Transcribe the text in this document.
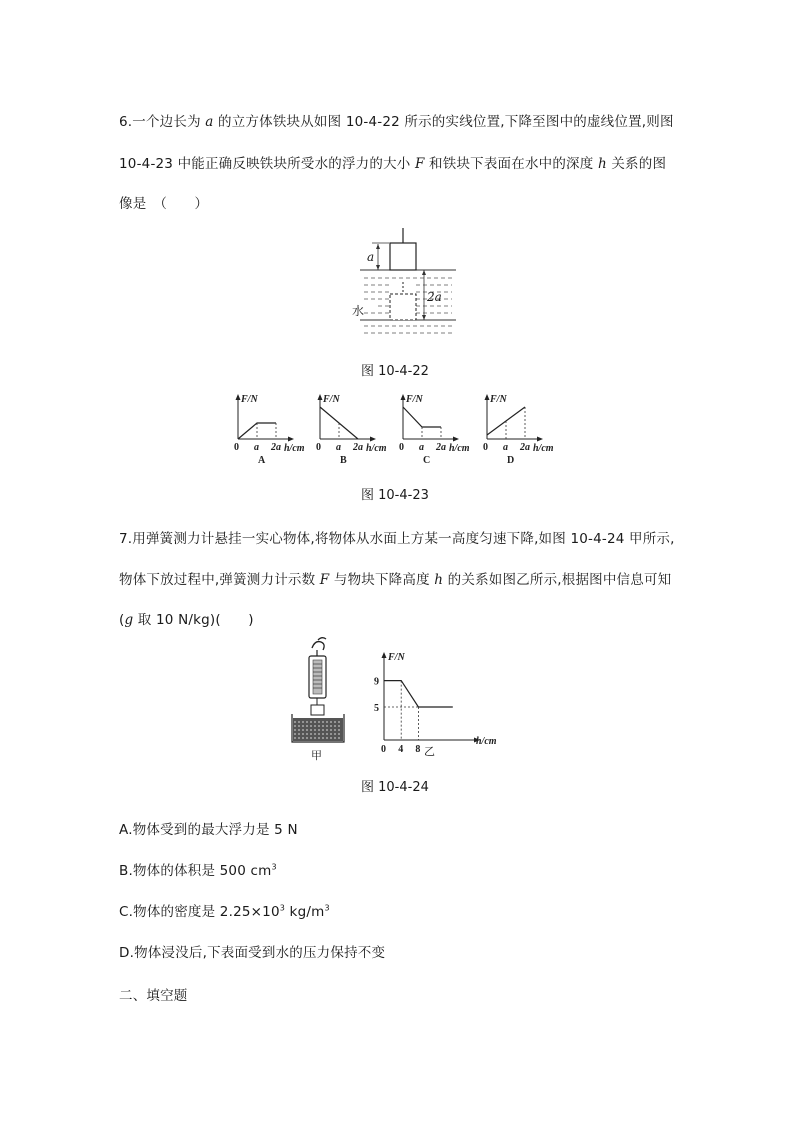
6.一个边长为 a 的立方体铁块从如图 10-4-22 所示的实线位置,下降至图中的虚线位置,则图
10-4-23 中能正确反映铁块所受水的浮力的大小 F 和铁块下表面在水中的深度 h 关系的图
像是　（　　）
a
2a
水
图 10-4-22
F/N
h/cm
0 a 2a
A
F/N
h/cm
0 a 2a
B
F/N
h/cm
0 a 2a
C
F/N
h/cm
0 a 2a
D
图 10-4-23
7.用弹簧测力计悬挂一实心物体,将物体从水面上方某一高度匀速下降,如图 10-4-24 甲所示,
物体下放过程中,弹簧测力计示数 F 与物块下降高度 h 的关系如图乙所示,根据图中信息可知
(g 取 10 N/kg)(　　)
甲
F/N
h/cm
9
5
0 4 8 乙
图 10-4-24
A.物体受到的最大浮力是 5 N
B.物体的体积是 500 $cm^3$
C.物体的密度是 $2.25\times 10^3$ $kg/m^3$
D.物体浸没后,下表面受到水的压力保持不变
二、填空题
